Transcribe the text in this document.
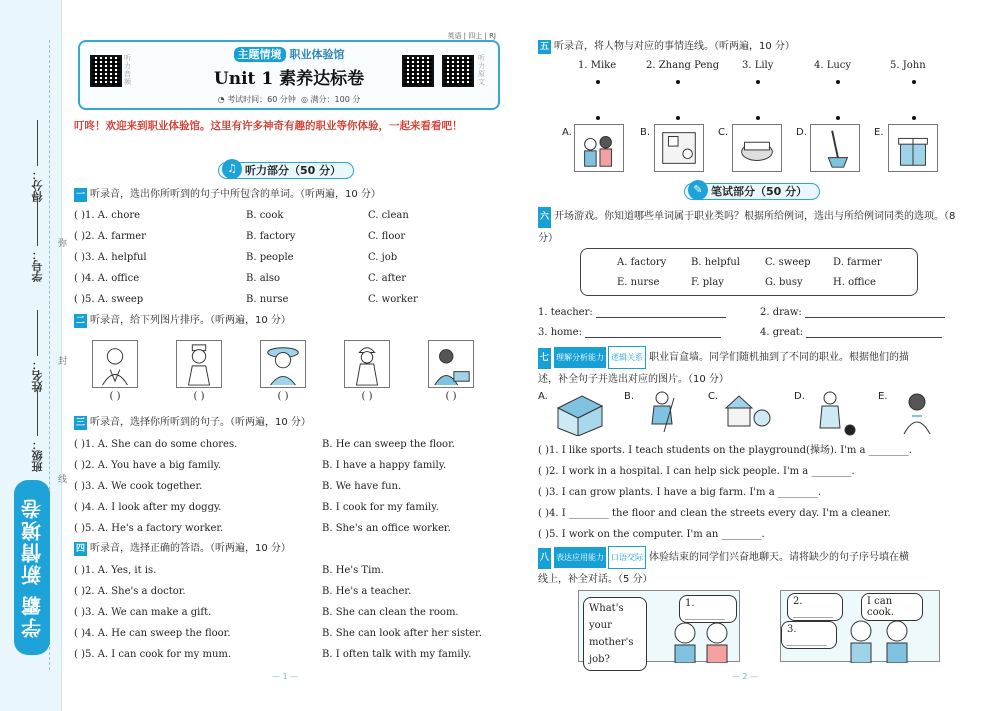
得分：
学号：
姓名：
班级：
弥
封
线
学霸 新情境卷
英语 | 四上 | RJ
听力音频
听力原文
主题情境 职业体验馆
Unit 1 素养达标卷
◔ 考试时间：60 分钟  ◎ 满分：100 分
叮咚！欢迎来到职业体验馆。这里有许多神奇有趣的职业等你体验，一起来看看吧！
♫ 听力部分（50 分）
一 听录音，选出你所听到的句子中所包含的单词。（听两遍，10 分）
( )1. A. chore	B. cook	C. clean
( )2. A. farmer	B. factory	C. floor
( )3. A. helpful	B. people	C. job
( )4. A. office	B. also	C. after
( )5. A. sweep	B. nurse	C. worker
二 听录音，给下列图片排序。（听两遍，10 分）
( )	( )	( )	( )	( )
三 听录音，选择你所听到的句子。（听两遍，10 分）
( )1. A. She can do some chores.	B. He can sweep the floor.
( )2. A. You have a big family.	B. I have a happy family.
( )3. A. We cook together.	B. We have fun.
( )4. A. I look after my doggy.	B. I cook for my family.
( )5. A. He's a factory worker.	B. She's an office worker.
四 听录音，选择正确的答语。（听两遍，10 分）
( )1. A. Yes, it is.	B. He's Tim.
( )2. A. She's a doctor.	B. He's a teacher.
( )3. A. We can make a gift.	B. She can clean the room.
( )4. A. He can sweep the floor.	B. She can look after her sister.
( )5. A. I can cook for my mum.	B. I often talk with my family.
— 1 —
五 听录音，将人物与对应的事情连线。（听两遍，10 分）
1. Mike	2. Zhang Peng 3. Lily	4. Lucy	5. John
A.	B.	C.	D.	E.
✎ 笔试部分（50 分）
六 开场游戏。你知道哪些单词属于职业类吗？根据所给例词，选出与所给例词同类的选项。（8 分）
A. factory B. helpful C. sweep D. farmer
E. nurse	F. play	G. busy	H. office
1. teacher:	2. draw:
3. home:	4. great:
七 理解分析能力 逻辑关系 职业盲盒墙。同学们随机抽到了不同的职业。根据他们的描
述，补全句子并选出对应的图片。（10 分）
A.	B.	C.	D.	E.
( )1. I like sports. I teach students on the playground(操场). I'm a ________.
( )2. I work in a hospital. I can help sick people. I'm a ________.
( )3. I can grow plants. I have a big farm. I'm a ________.
( )4. I ________ the floor and clean the streets every day. I'm a cleaner.
( )5. I work on the computer. I'm an ________.
八 表达应用能力 口语交际 体验结束的同学们兴奋地聊天。请将缺少的句子序号填在横
线上，补全对话。（5 分）
What's your mother's job?
1. ________
2. ________
I can cook.
3. ________
— 2 —
